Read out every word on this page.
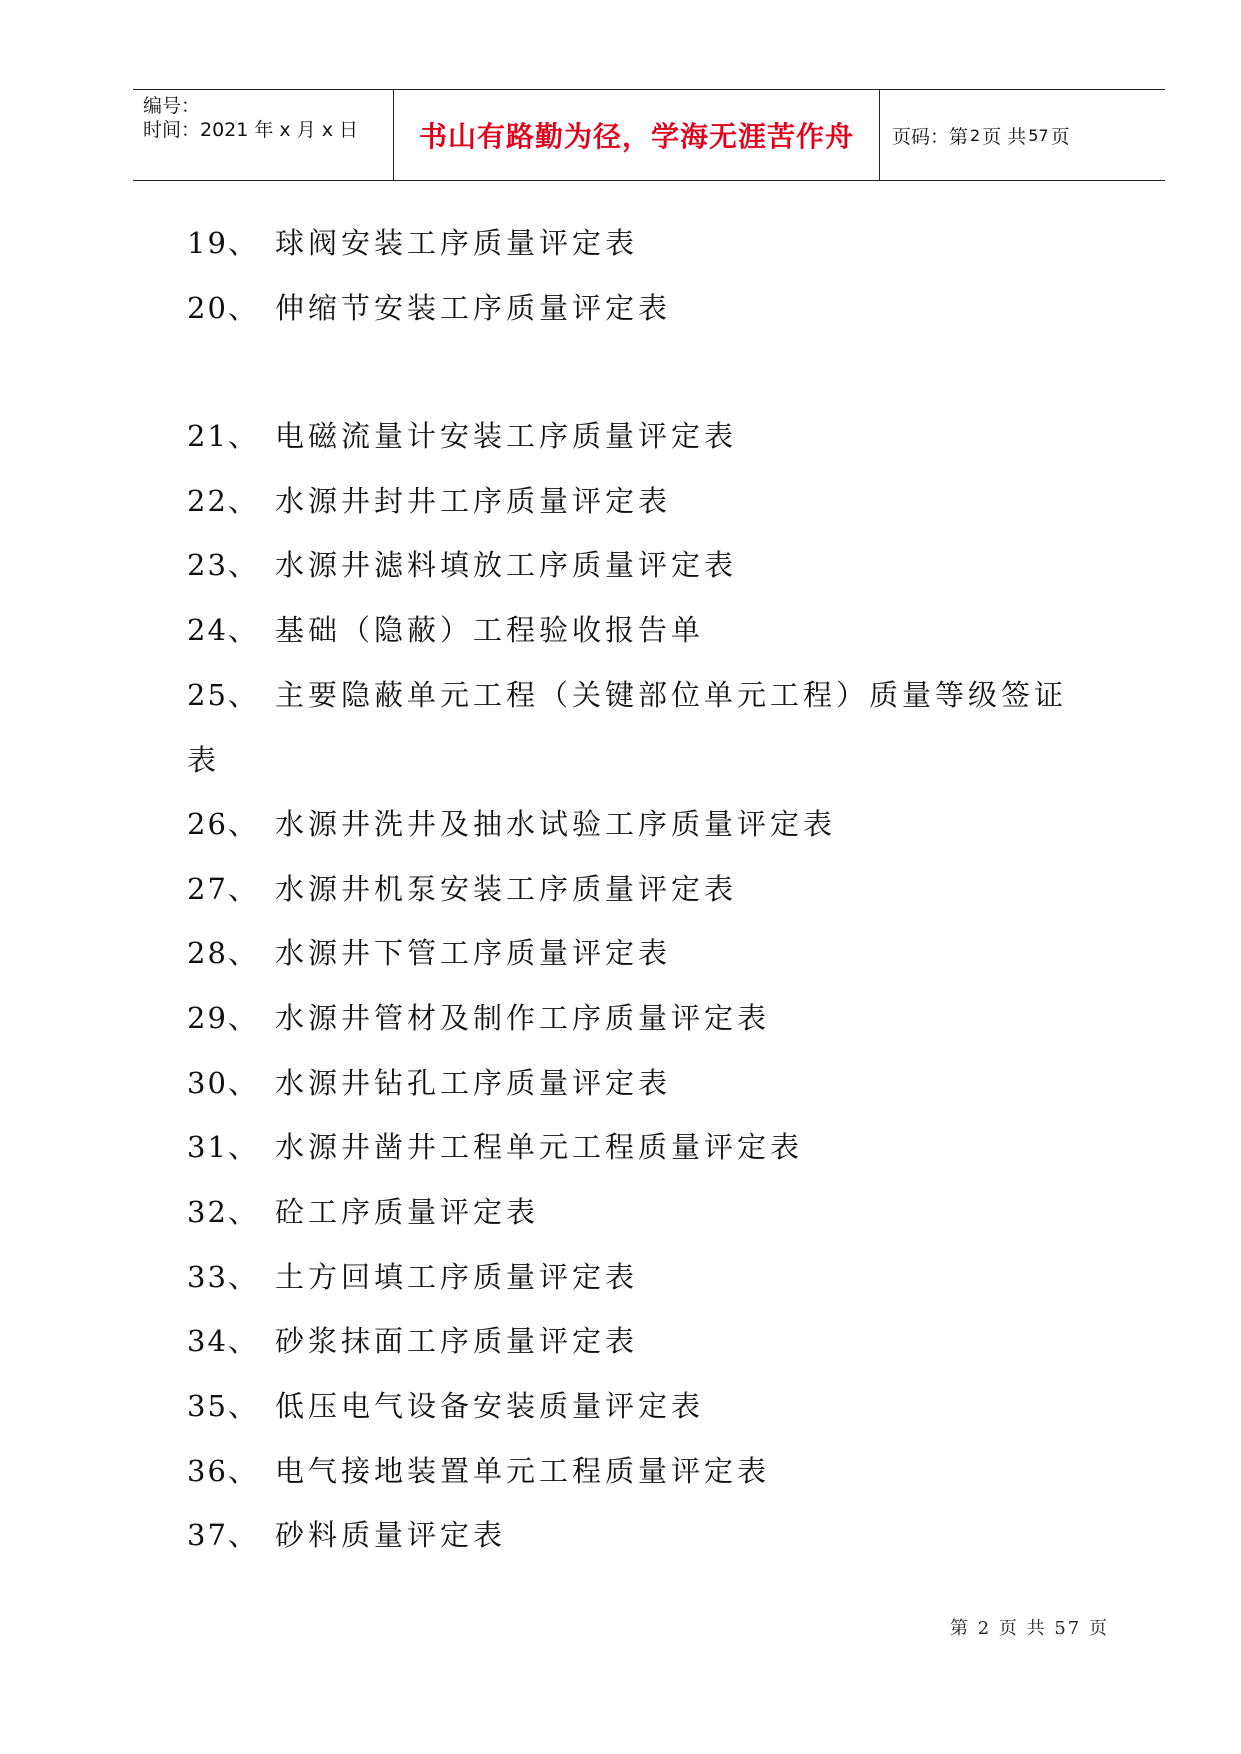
编号：
时间：2021 年 x 月 x 日	书山有路勤为径，学海无涯苦作舟 页码：第 2 页 共 57 页
19、 球阀安装工序质量评定表
20、 伸缩节安装工序质量评定表
21、 电磁流量计安装工序质量评定表
22、 水源井封井工序质量评定表
23、 水源井滤料填放工序质量评定表
24、 基础（隐蔽）工程验收报告单
25、 主要隐蔽单元工程（关键部位单元工程）质量等级签证
表
26、 水源井洗井及抽水试验工序质量评定表
27、 水源井机泵安装工序质量评定表
28、 水源井下管工序质量评定表
29、 水源井管材及制作工序质量评定表
30、 水源井钻孔工序质量评定表
31、 水源井凿井工程单元工程质量评定表
32、 砼工序质量评定表
33、 土方回填工序质量评定表
34、 砂浆抹面工序质量评定表
35、 低压电气设备安装质量评定表
36、 电气接地装置单元工程质量评定表
37、 砂料质量评定表
第 2 页 共 57 页
